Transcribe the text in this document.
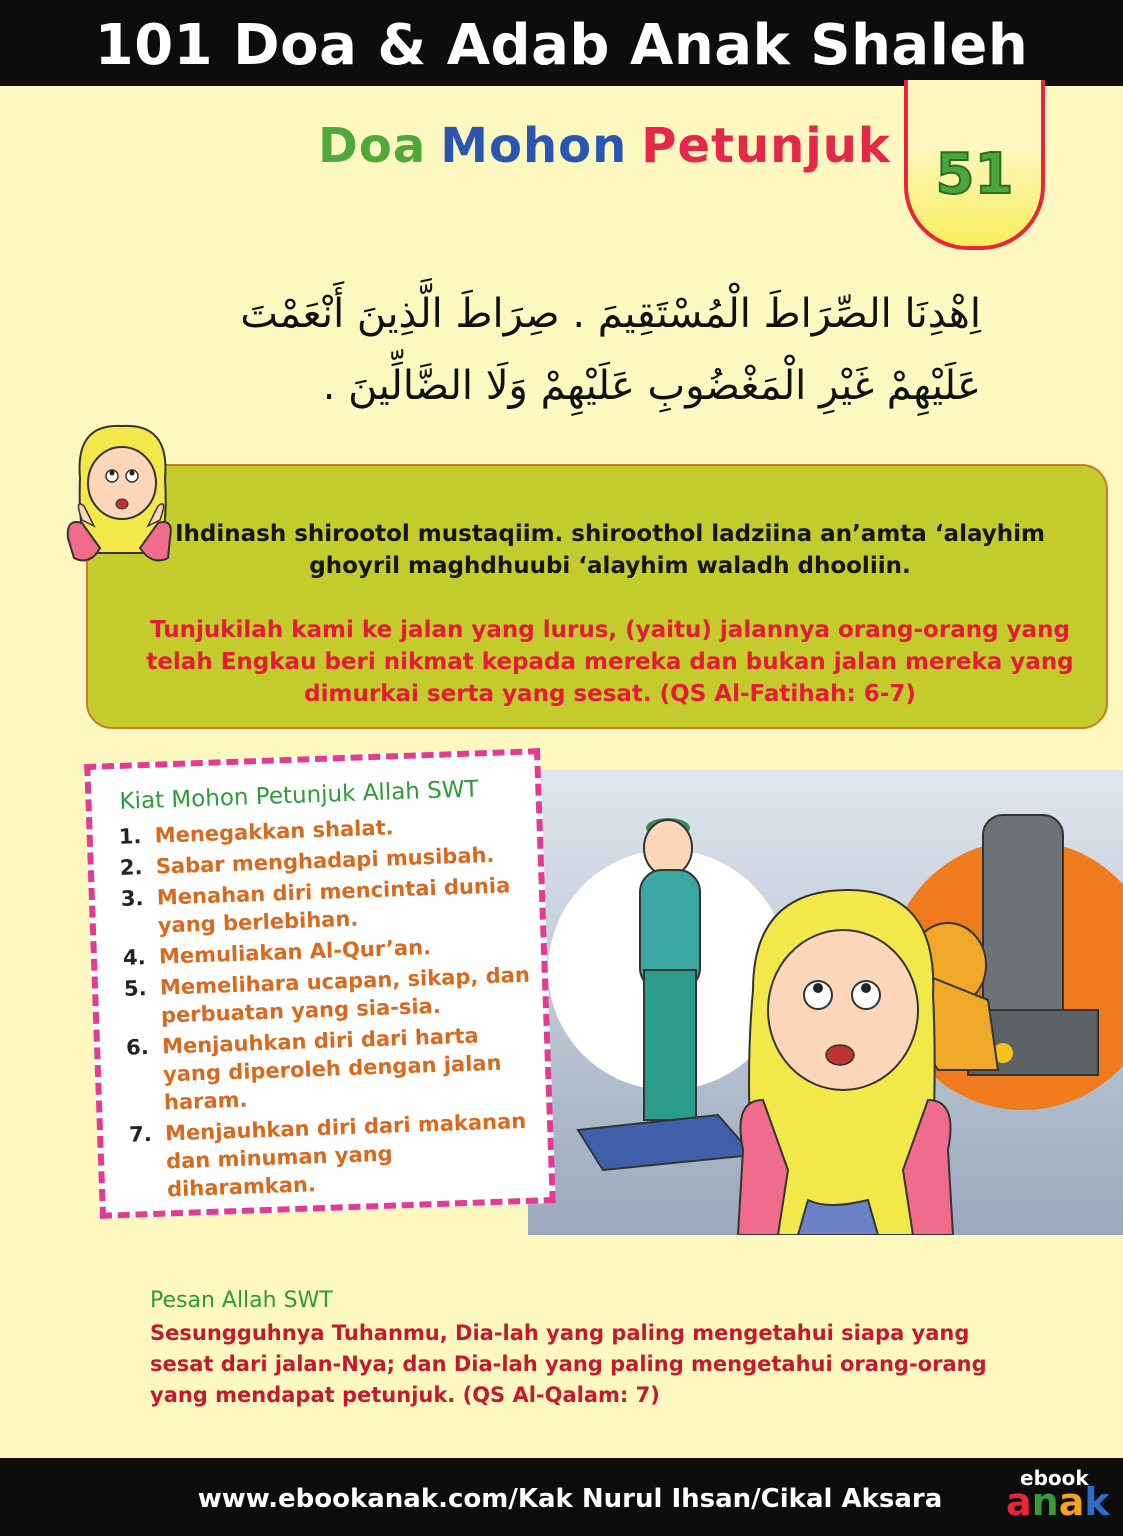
101 Doa & Adab Anak Shaleh
Doa Mohon Petunjuk 51
اِهْدِنَا الصِّرَاطَ الْمُسْتَقِيمَ . صِرَاطَ الَّذِينَ أَنْعَمْتَ عَلَيْهِمْ غَيْرِ الْمَغْضُوبِ عَلَيْهِمْ وَلَا الضَّالِّينَ .
Ihdinash shirootol mustaqiim. shiroothol ladziina an’amta ‘alayhim ghoyril maghdhuubi ‘alayhim waladh dhooliin.
Tunjukilah kami ke jalan yang lurus, (yaitu) jalannya orang-orang yang telah Engkau beri nikmat kepada mereka dan bukan jalan mereka yang dimurkai serta yang sesat. (QS Al-Fatihah: 6-7)
Kiat Mohon Petunjuk Allah SWT
1. Menegakkan shalat.
2. Sabar menghadapi musibah.
3. Menahan diri mencintai dunia yang berlebihan.
4. Memuliakan Al-Qur’an.
5. Memelihara ucapan, sikap, dan perbuatan yang sia-sia.
6. Menjauhkan diri dari harta yang diperoleh dengan jalan haram.
7. Menjauhkan diri dari makanan dan minuman yang diharamkan.
Pesan Allah SWT
Sesungguhnya Tuhanmu, Dia-lah yang paling mengetahui siapa yang sesat dari jalan-Nya; dan Dia-lah yang paling mengetahui orang-orang yang mendapat petunjuk. (QS Al-Qalam: 7)
www.ebookanak.com/Kak Nurul Ihsan/Cikal Aksara
ebook
anak
